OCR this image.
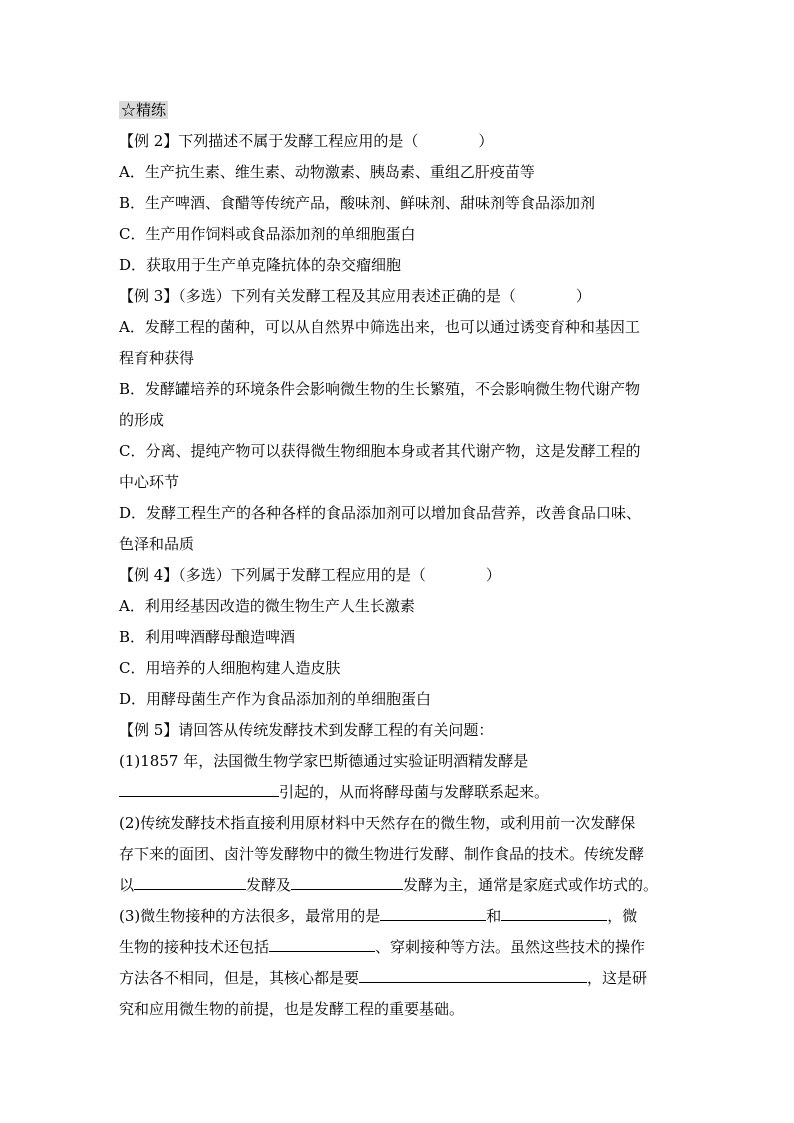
☆精练
【例 2】下列描述不属于发酵工程应用的是（　　　　）
A．生产抗生素、维生素、动物激素、胰岛素、重组乙肝疫苗等
B．生产啤酒、食醋等传统产品，酸味剂、鲜味剂、甜味剂等食品添加剂
C．生产用作饲料或食品添加剂的单细胞蛋白
D．获取用于生产单克隆抗体的杂交瘤细胞
【例 3】（多选）下列有关发酵工程及其应用表述正确的是（　　　　）
A．发酵工程的菌种，可以从自然界中筛选出来，也可以通过诱变育种和基因工
程育种获得
B．发酵罐培养的环境条件会影响微生物的生长繁殖，不会影响微生物代谢产物
的形成
C．分离、提纯产物可以获得微生物细胞本身或者其代谢产物，这是发酵工程的
中心环节
D．发酵工程生产的各种各样的食品添加剂可以增加食品营养，改善食品口味、
色泽和品质
【例 4】（多选）下列属于发酵工程应用的是（　　　　）
A．利用经基因改造的微生物生产人生长激素
B．利用啤酒酵母酿造啤酒
C．用培养的人细胞构建人造皮肤
D．用酵母菌生产作为食品添加剂的单细胞蛋白
【例 5】请回答从传统发酵技术到发酵工程的有关问题：
(1)1857 年，法国微生物学家巴斯德通过实验证明酒精发酵是
引起的，从而将酵母菌与发酵联系起来。
(2)传统发酵技术指直接利用原材料中天然存在的微生物，或利用前一次发酵保
存下来的面团、卤汁等发酵物中的微生物进行发酵、制作食品的技术。传统发酵
以	发酵及	发酵为主，通常是家庭式或作坊式的。
(3)微生物接种的方法很多，最常用的是	和	，微
生物的接种技术还包括	、穿刺接种等方法。虽然这些技术的操作
方法各不相同，但是，其核心都是要	，这是研
究和应用微生物的前提，也是发酵工程的重要基础。
